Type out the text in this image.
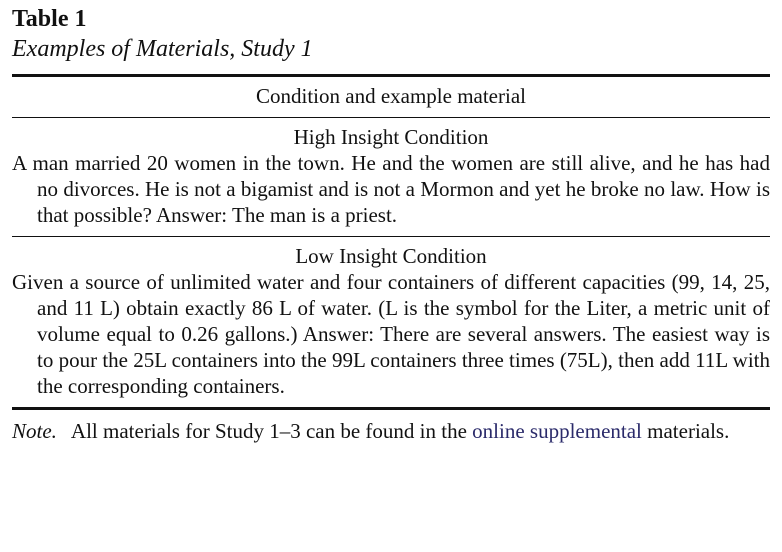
Table 1

Examples of Materials, Study 1

Condition and example material
High Insight Condition
A man married 20 women in the town. He and the women are still alive, and he has had no divorces. He is not a bigamist and is not a Mormon and yet he broke no law. How is that possible? Answer: The man is a priest.
Low Insight Condition
Given a source of unlimited water and four containers of different capacities (99, 14, 25, and 11 L) obtain exactly 86 L of water. (L is the symbol for the Liter, a metric unit of volume equal to 0.26 gallons.) Answer: There are several answers. The easiest way is to pour the 25L containers into the 99L containers three times (75L), then add 11L with the corresponding containers.
Note. All materials for Study 1–3 can be found in the online supplemental materials.
